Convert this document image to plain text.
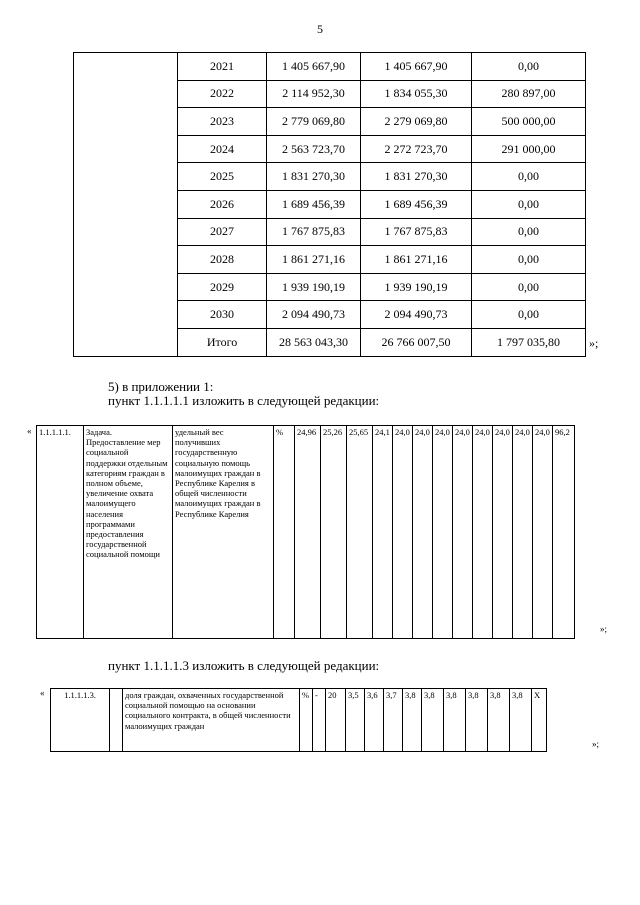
5
	2021	1 405 667,90	1 405 667,90	0,00
	2022	2 114 952,30	1 834 055,30	280 897,00
	2023	2 779 069,80	2 279 069,80	500 000,00
	2024	2 563 723,70	2 272 723,70	291 000,00
	2025	1 831 270,30	1 831 270,30	0,00
	2026	1 689 456,39	1 689 456,39	0,00
	2027	1 767 875,83	1 767 875,83	0,00
	2028	1 861 271,16	1 861 271,16	0,00
	2029	1 939 190,19	1 939 190,19	0,00
	2030	2 094 490,73	2 094 490,73	0,00
	Итого	28 563 043,30	26 766 007,50	1 797 035,80 »;
5) в приложении 1:
пункт 1.1.1.1.1 изложить в следующей редакции:
« 1.1.1.1.1.	Задача. Предоставление мер социальной поддержки отдельным категориям граждан в полном объеме, увеличение охвата малоимущего населения программами предоставления государственной социальной помощи	удельный вес получивших государственную социальную помощь малоимущих граждан в Республике Карелия в общей численности малоимущих граждан в Республике Карелия	%	24,96	25,26	25,65	24,1	24,0	24,0	24,0	24,0	24,0	24,0	24,0	24,0	96,2
»;
пункт 1.1.1.1.3 изложить в следующей редакции:
« 1.1.1.1.3.		доля граждан, охваченных государственной социальной помощью на основании социального контракта, в общей численности малоимущих граждан	%	-	20	3,5	3,6	3,7	3,8	3,8	3,8	3,8	3,8	3,8	Х
»;
